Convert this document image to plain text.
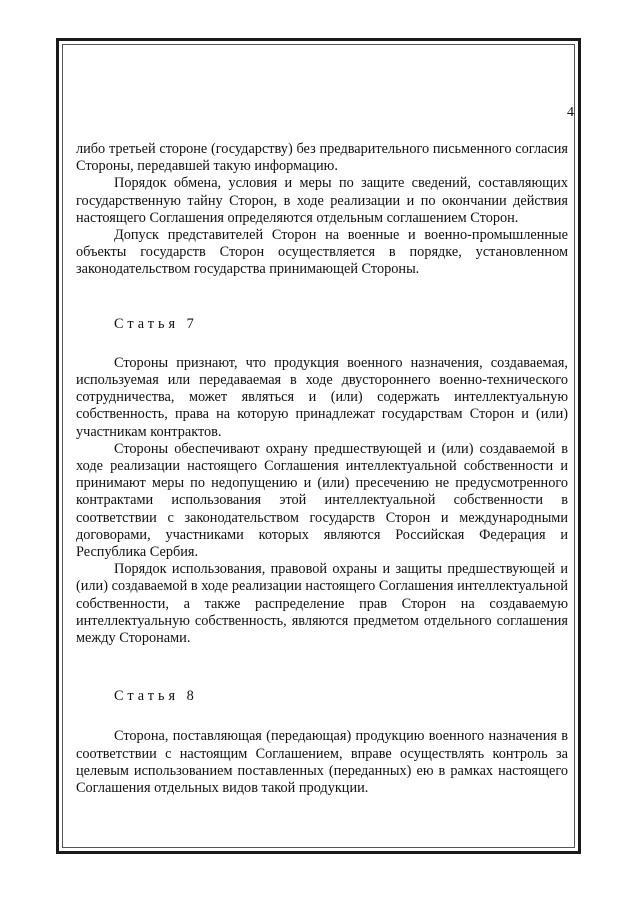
4

либо третьей стороне (государству) без предварительного письменного согласия Стороны, передавшей такую информацию.

Порядок обмена, условия и меры по защите сведений, составляющих государственную тайну Сторон, в ходе реализации и по окончании действия настоящего Соглашения определяются отдельным соглашением Сторон.

Допуск представителей Сторон на военные и военно-промышленные объекты государств Сторон осуществляется в порядке, установленном законодательством государства принимающей Стороны.

Статья 7

Стороны признают, что продукция военного назначения, создаваемая, используемая или передаваемая в ходе двустороннего военно-технического сотрудничества, может являться и (или) содержать интеллектуальную собственность, права на которую принадлежат государствам Сторон и (или) участникам контрактов.

Стороны обеспечивают охрану предшествующей и (или) создаваемой в ходе реализации настоящего Соглашения интеллектуальной собственности и принимают меры по недопущению и (или) пресечению не предусмотренного контрактами использования этой интеллектуальной собственности в соответствии с законодательством государств Сторон и международными договорами, участниками которых являются Российская Федерация и Республика Сербия.

Порядок использования, правовой охраны и защиты предшествующей и (или) создаваемой в ходе реализации настоящего Соглашения интеллектуальной собственности, а также распределение прав Сторон на создаваемую интеллектуальную собственность, являются предметом отдельного соглашения между Сторонами.

Статья 8

Сторона, поставляющая (передающая) продукцию военного назначения в соответствии с настоящим Соглашением, вправе осуществлять контроль за целевым использованием поставленных (переданных) ею в рамках настоящего Соглашения отдельных видов такой продукции.
